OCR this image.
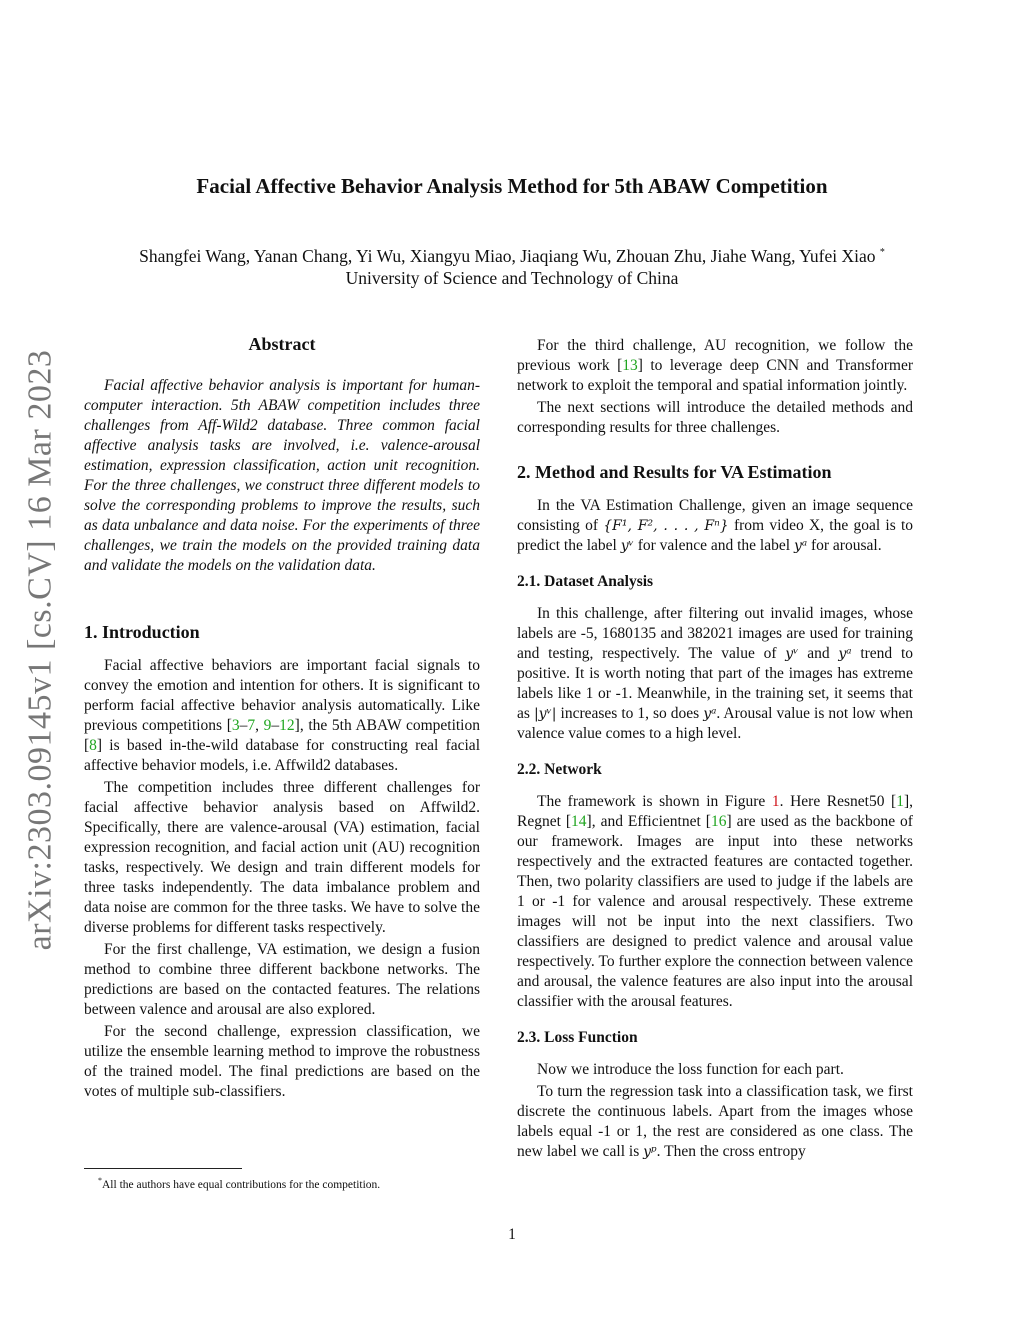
arXiv:2303.09145v1 [cs.CV] 16 Mar 2023
Facial Affective Behavior Analysis Method for 5th ABAW Competition
Shangfei Wang, Yanan Chang, Yi Wu, Xiangyu Miao, Jiaqiang Wu, Zhouan Zhu, Jiahe Wang, Yufei Xiao *
University of Science and Technology of China
Abstract

Facial affective behavior analysis is important for human-computer interaction. 5th ABAW competition includes three challenges from Aff-Wild2 database. Three common facial affective analysis tasks are involved, i.e. valence-arousal estimation, expression classification, action unit recognition. For the three challenges, we construct three different models to solve the corresponding problems to improve the results, such as data unbalance and data noise. For the experiments of three challenges, we train the models on the provided training data and validate the models on the validation data.

1. Introduction

Facial affective behaviors are important facial signals to convey the emotion and intention for others. It is significant to perform facial affective behavior analysis automatically. Like previous competitions [3–7, 9–12], the 5th ABAW competition [8] is based in-the-wild database for constructing real facial affective behavior models, i.e. Affwild2 databases.

The competition includes three different challenges for facial affective behavior analysis based on Affwild2. Specifically, there are valence-arousal (VA) estimation, facial expression recognition, and facial action unit (AU) recognition tasks, respectively. We design and train different models for three tasks independently. The data imbalance problem and data noise are common for the three tasks. We have to solve the diverse problems for different tasks respectively.

For the first challenge, VA estimation, we design a fusion method to combine three different backbone networks. The predictions are based on the contacted features. The relations between valence and arousal are also explored.

For the second challenge, expression classification, we utilize the ensemble learning method to improve the robustness of the trained model. The final predictions are based on the votes of multiple sub-classifiers.

*All the authors have equal contributions for the competition.

For the third challenge, AU recognition, we follow the previous work [13] to leverage deep CNN and Transformer network to exploit the temporal and spatial information jointly.

The next sections will introduce the detailed methods and corresponding results for three challenges.

2. Method and Results for VA Estimation

In the VA Estimation Challenge, given an image sequence consisting of {F¹, F², . . . , Fⁿ} from video X, the goal is to predict the label yᵛ for valence and the label yᵃ for arousal.

2.1. Dataset Analysis

In this challenge, after filtering out invalid images, whose labels are -5, 1680135 and 382021 images are used for training and testing, respectively. The value of yᵛ and yᵃ trend to positive. It is worth noting that part of the images has extreme labels like 1 or -1. Meanwhile, in the training set, it seems that as |yᵛ| increases to 1, so does yᵃ. Arousal value is not low when valence value comes to a high level.

2.2. Network

The framework is shown in Figure 1. Here Resnet50 [1], Regnet [14], and Efficientnet [16] are used as the backbone of our framework. Images are input into these networks respectively and the extracted features are contacted together. Then, two polarity classifiers are used to judge if the labels are 1 or -1 for valence and arousal respectively. These extreme images will not be input into the next classifiers. Two classifiers are designed to predict valence and arousal value respectively. To further explore the connection between valence and arousal, the valence features are also input into the arousal classifier with the arousal features.

2.3. Loss Function

Now we introduce the loss function for each part.

To turn the regression task into a classification task, we first discrete the continuous labels. Apart from the images whose labels equal -1 or 1, the rest are considered as one class. The new label we call is yᵖ. Then the cross entropy

1
